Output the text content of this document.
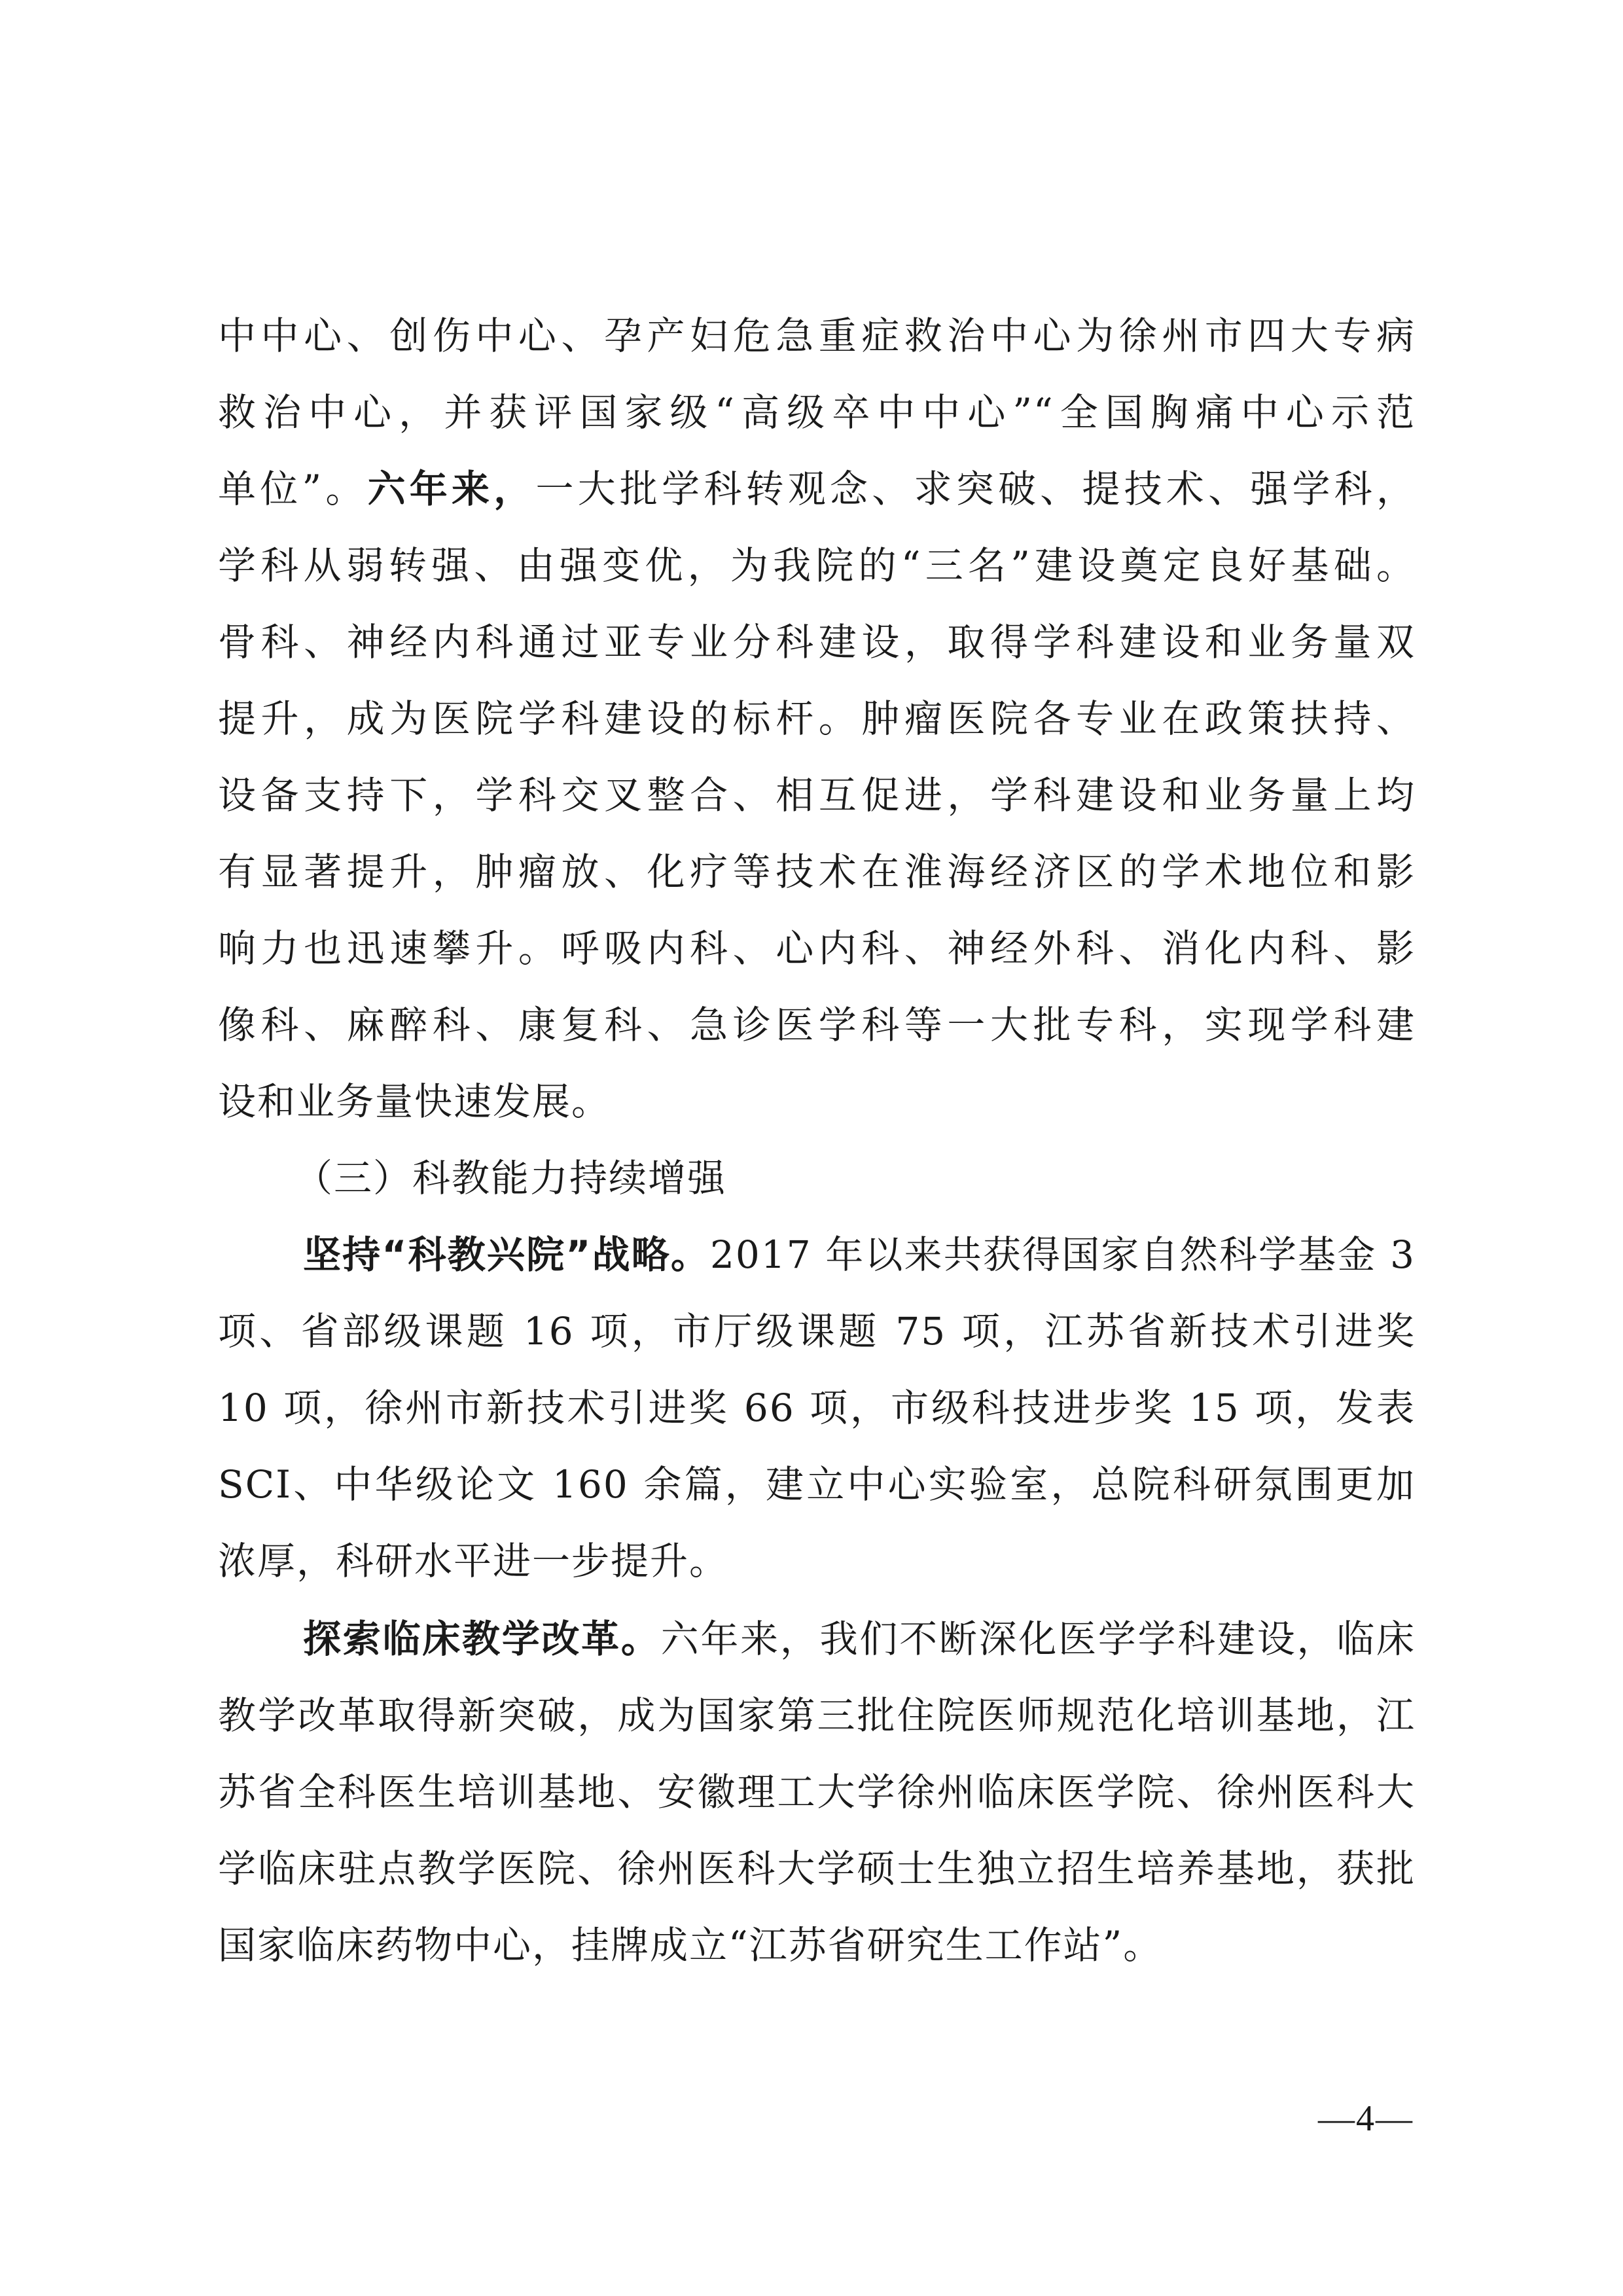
中中心、创伤中心、孕产妇危急重症救治中心为徐州市四大专病
救治中心，并获评国家级“高级卒中中心”“全国胸痛中心示范
单位”。六年来，一大批学科转观念、求突破、提技术、强学科，
学科从弱转强、由强变优，为我院的“三名”建设奠定良好基础。
骨科、神经内科通过亚专业分科建设，取得学科建设和业务量双
提升，成为医院学科建设的标杆。肿瘤医院各专业在政策扶持、
设备支持下，学科交叉整合、相互促进，学科建设和业务量上均
有显著提升，肿瘤放、化疗等技术在淮海经济区的学术地位和影
响力也迅速攀升。呼吸内科、心内科、神经外科、消化内科、影
像科、麻醉科、康复科、急诊医学科等一大批专科，实现学科建
设和业务量快速发展。
（三）科教能力持续增强
坚持“科教兴院”战略。2017 年以来共获得国家自然科学基金 3 项、省部级课题 16 项，市厅级课题 75 项，江苏省新技术引进奖 10 项，徐州市新技术引进奖 66 项，市级科技进步奖 15 项，发表 SCI、中华级论文 160 余篇，建立中心实验室，总院科研氛围更加浓厚，科研水平进一步提升。
探索临床教学改革。六年来，我们不断深化医学学科建设，临床教学改革取得新突破，成为国家第三批住院医师规范化培训基地，江苏省全科医生培训基地、安徽理工大学徐州临床医学院、徐州医科大学临床驻点教学医院、徐州医科大学硕士生独立招生培养基地，获批国家临床药物中心，挂牌成立“江苏省研究生工作站”。
—4—
